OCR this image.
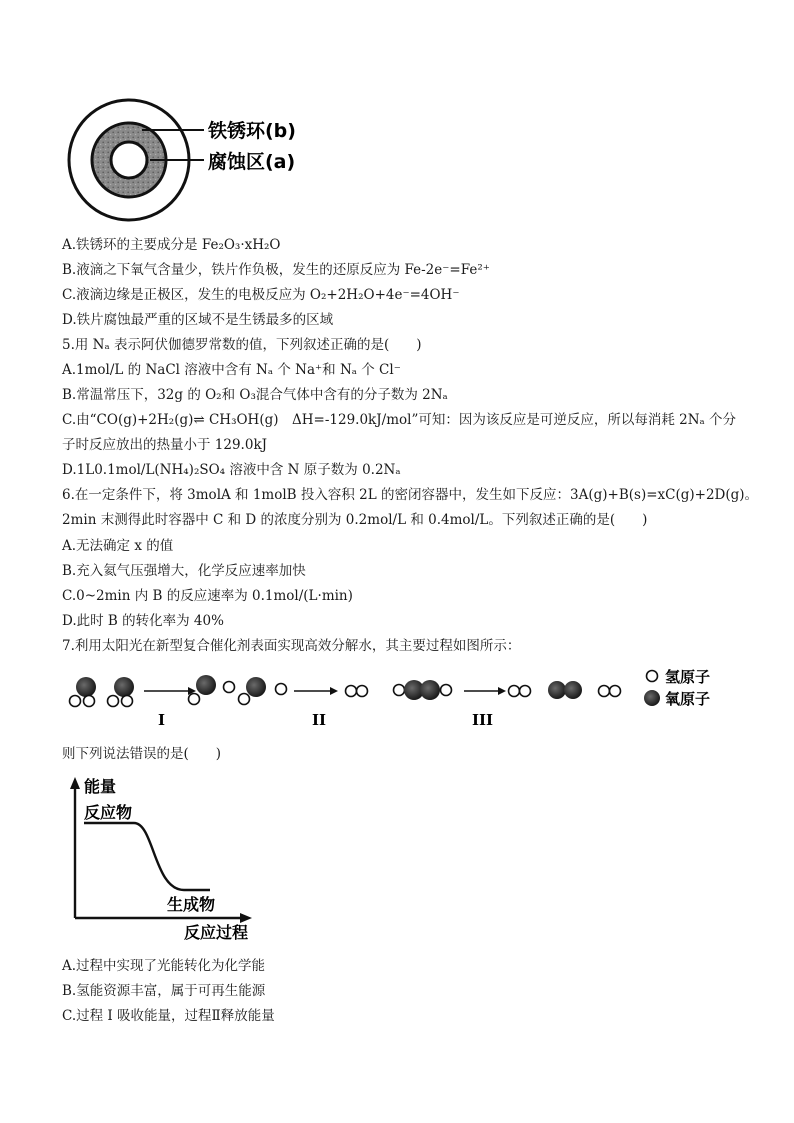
铁锈环(b)
腐蚀区(a)
A.铁锈环的主要成分是 Fe₂O₃·xH₂O
B.液滴之下氧气含量少，铁片作负极，发生的还原反应为 Fe-2e⁻=Fe²⁺
C.液滴边缘是正极区，发生的电极反应为 O₂+2H₂O+4e⁻=4OH⁻
D.铁片腐蚀最严重的区域不是生锈最多的区域
5.用 Nₐ 表示阿伏伽德罗常数的值，下列叙述正确的是(　　)
A.1mol/L 的 NaCl 溶液中含有 Nₐ 个 Na⁺和 Nₐ 个 Cl⁻
B.常温常压下，32g 的 O₂和 O₃混合气体中含有的分子数为 2Nₐ
C.由“CO(g)+2H₂(g)⇌ CH₃OH(g)　ΔH=-129.0kJ/mol”可知：因为该反应是可逆反应，所以每消耗 2Nₐ 个分
子时反应放出的热量小于 129.0kJ
D.1L0.1mol/L(NH₄)₂SO₄ 溶液中含 N 原子数为 0.2Nₐ
6.在一定条件下，将 3molA 和 1molB 投入容积 2L 的密闭容器中，发生如下反应：3A(g)+B(s)=xC(g)+2D(g)。
2min 末测得此时容器中 C 和 D 的浓度分别为 0.2mol/L 和 0.4mol/L。下列叙述正确的是(　　)
A.无法确定 x 的值
B.充入氦气压强增大，化学反应速率加快
C.0~2min 内 B 的反应速率为 0.1mol/(L·min)
D.此时 B 的转化率为 40%
7.利用太阳光在新型复合催化剂表面实现高效分解水，其主要过程如图所示：
I	II	III
氢原子
氧原子
则下列说法错误的是(　　)
能量
反应物
生成物
反应过程
A.过程中实现了光能转化为化学能
B.氢能资源丰富，属于可再生能源
C.过程 I 吸收能量，过程Ⅱ释放能量
